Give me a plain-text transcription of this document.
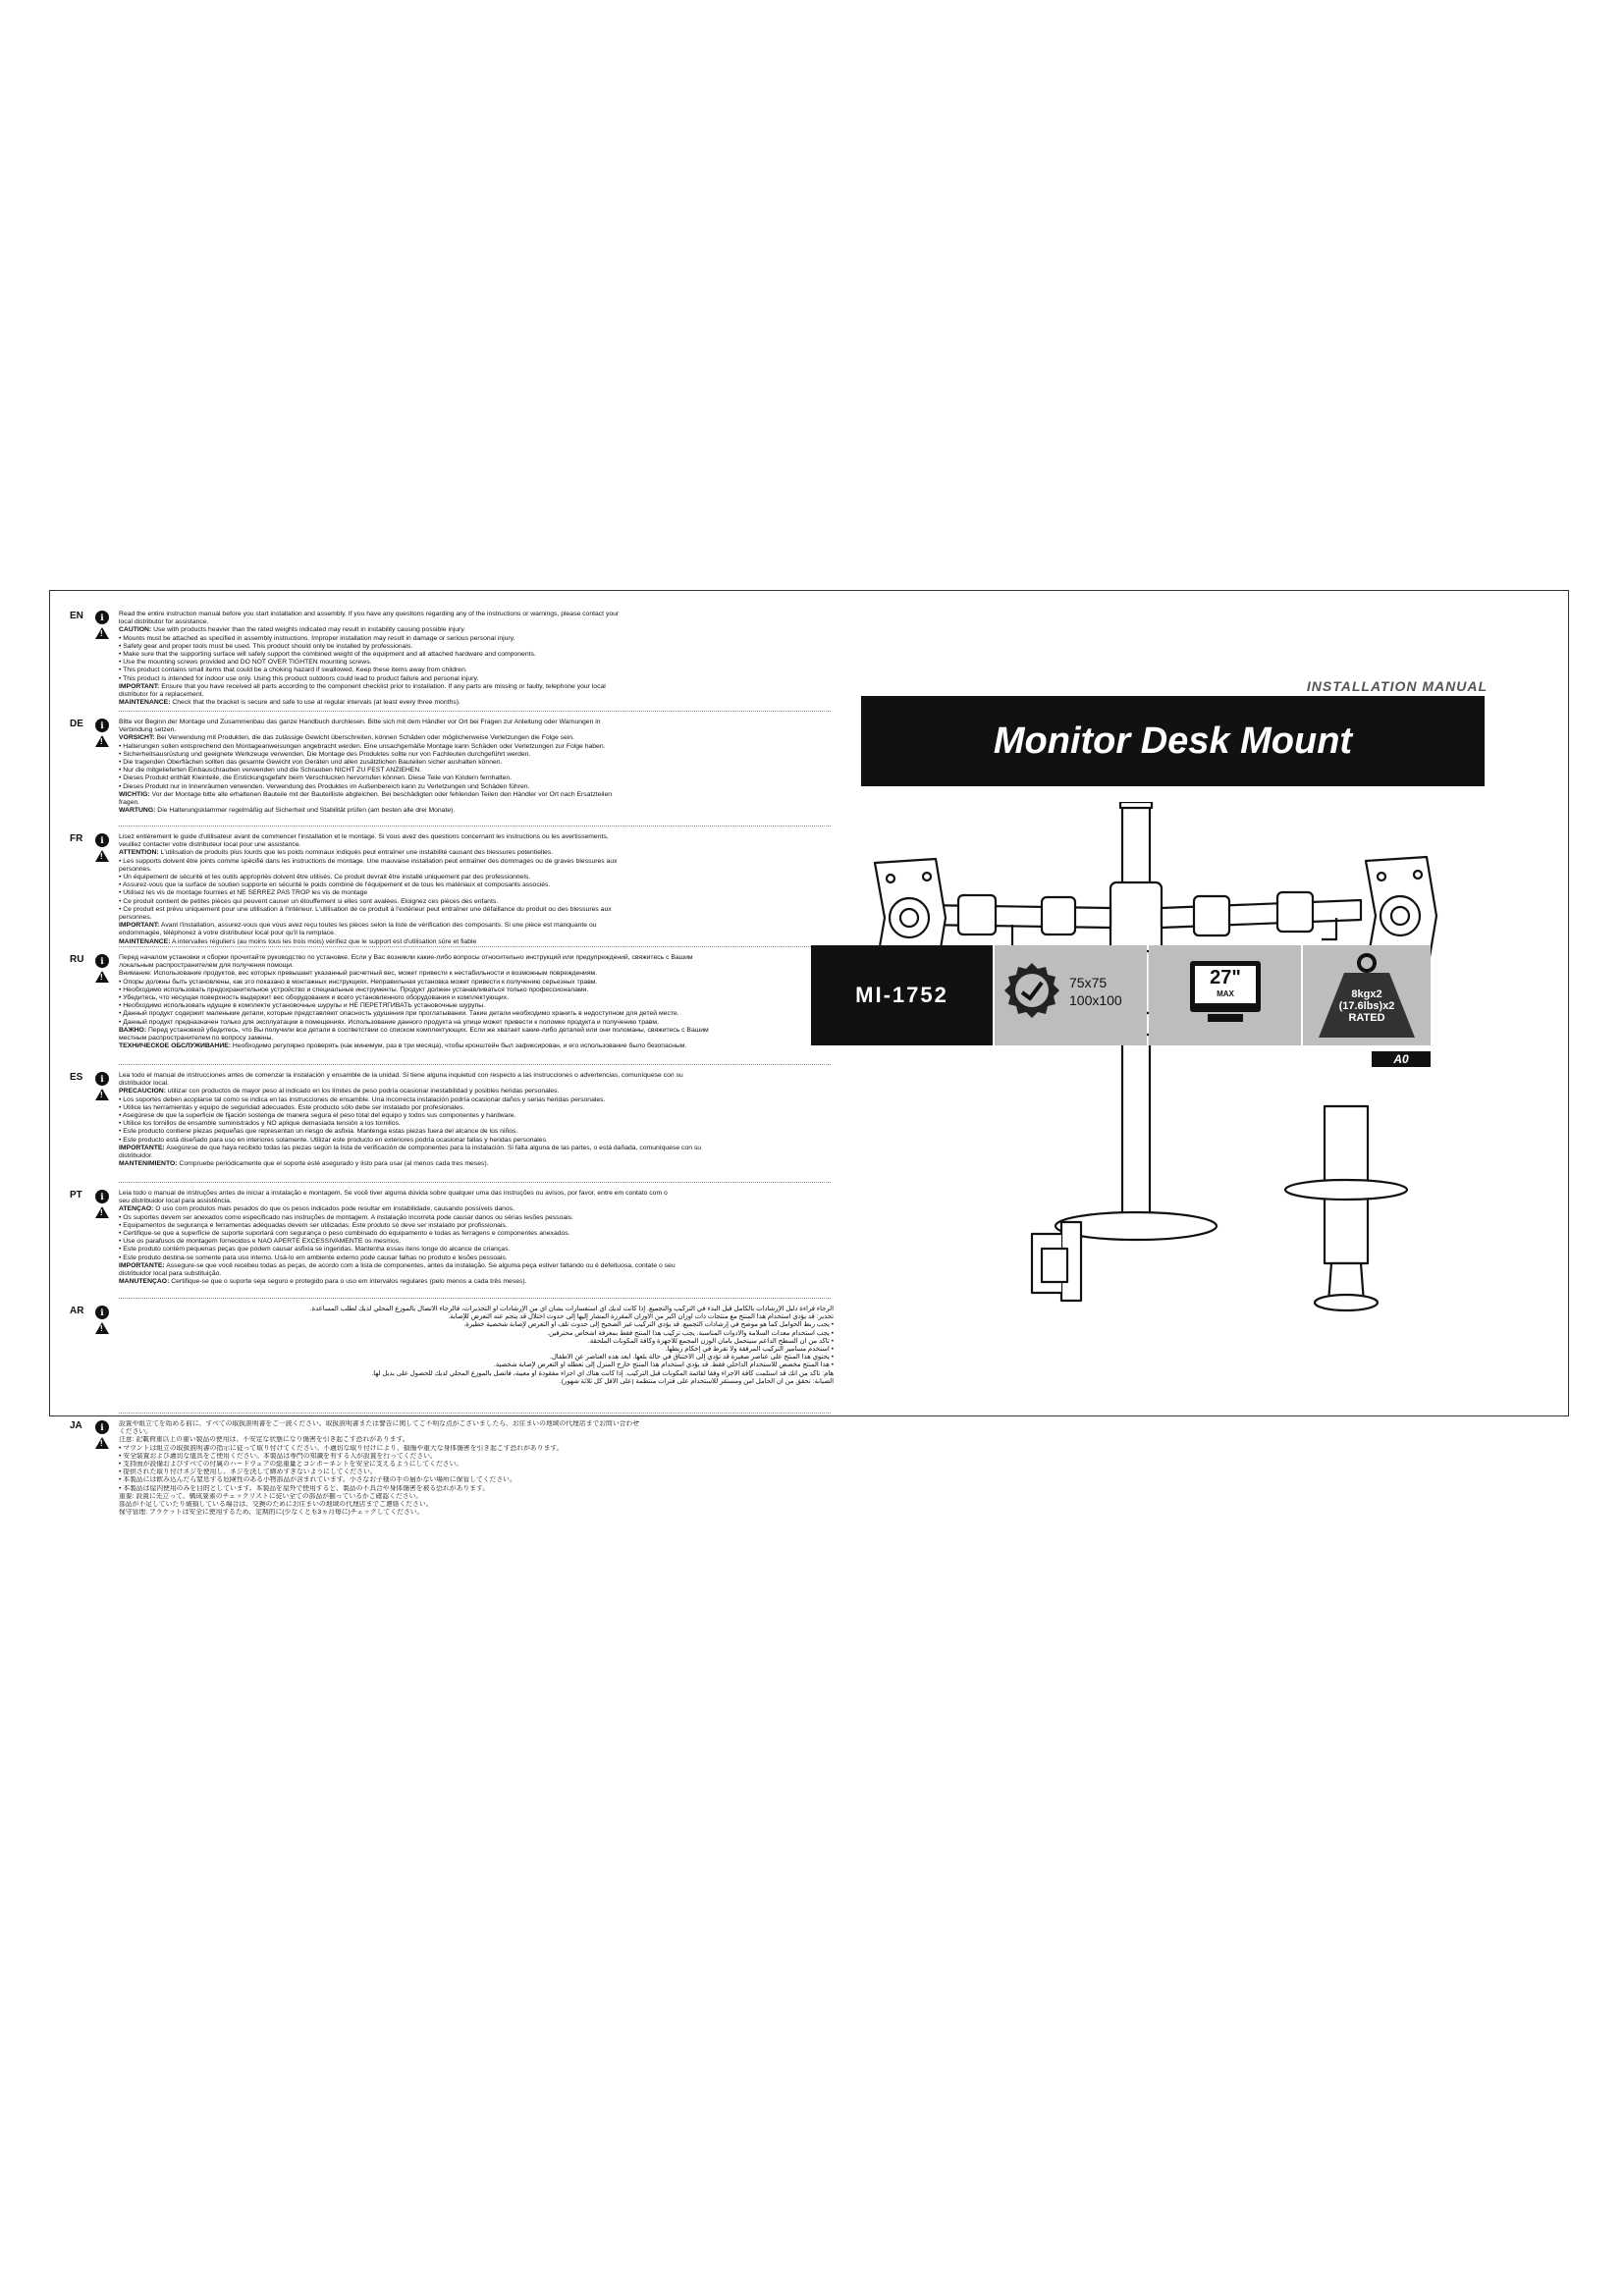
EN	ℹ
!	Read the entire instruction manual before you start installation and assembly. If you have any questions regarding any of the instructions or warnings, please contact your
local distributor for assistance.
CAUTION: Use with products heavier than the rated weights indicated may result in instability causing possible injury.
• Mounts must be attached as specified in assembly instructions. Improper installation may result in damage or serious personal injury.
• Safety gear and proper tools must be used. This product should only be installed by professionals.
• Make sure that the supporting surface will safely support the combined weight of the equipment and all attached hardware and components.
• Use the mounting screws provided and DO NOT OVER TIGHTEN mounting screws.
• This product contains small items that could be a choking hazard if swallowed. Keep these items away from children.
• This product is intended for indoor use only. Using this product outdoors could lead to product failure and personal injury.
IMPORTANT: Ensure that you have received all parts according to the component checklist prior to installation. If any parts are missing or faulty, telephone your local
distributor for a replacement.
MAINTENANCE: Check that the bracket is secure and safe to use at regular intervals (at least every three months).
DE	ℹ
!	Bitte vor Beginn der Montage und Zusammenbau das ganze Handbuch durchlesen. Bitte sich mit dem Händler vor Ort bei Fragen zur Anleitung oder Warnungen in
Verbindung setzen.
VORSICHT: Bei Verwendung mit Produkten, die das zulässige Gewicht überschreiten, können Schäden oder möglicherweise Verletzungen die Folge sein.
• Halterungen sollen entsprechend den Montageanweisungen angebracht werden. Eine unsachgemäße Montage kann Schäden oder Verletzungen zur Folge haben.
• Sicherheitsausrüstung und geeignete Werkzeuge verwenden. Die Montage des Produktes sollte nur von Fachleuten durchgeführt werden.
• Die tragenden Oberflächen sollten das gesamte Gewicht von Geräten und allen zusätzlichen Bauteilen sicher aushalten können.
• Nur die mitgelieferten Einbauschrauben verwenden und die Schrauben NICHT ZU FEST ANZIEHEN.
• Dieses Produkt enthält Kleinteile, die Erstickungsgefahr beim Verschlucken hervorrufen können. Diese Teile von Kindern fernhalten.
• Dieses Produkt nur in Innenräumen verwenden. Verwendung des Produktes im Außenbereich kann zu Verletzungen und Schäden führen.
WICHTIG: Vor der Montage bitte alle erhaltenen Bauteile mit der Bauteilliste abgleichen. Bei beschädigten oder fehlenden Teilen den Händler vor Ort nach Ersatzteilen
fragen.
WARTUNG: Die Halterungsklammer regelmäßig auf Sicherheit und Stabilität prüfen (am besten alle drei Monate).
FR	ℹ
!	Lisez entièrement le guide d'utilisateur avant de commencer l'installation et le montage. Si vous avez des questions concernant les instructions ou les avertissements,
veuillez contacter votre distributeur local pour une assistance.
ATTENTION: L'utilisation de produits plus lourds que les poids nominaux indiqués peut entraîner une instabilité causant des blessures potentielles.
• Les supports doivent être joints comme spécifié dans les instructions de montage. Une mauvaise installation peut entraîner des dommages ou de graves blessures aux
personnes.
• Un équipement de sécurité et les outils appropriés doivent être utilisés. Ce produit devrait être installé uniquement par des professionnels.
• Assurez-vous que la surface de soutien supporte en sécurité le poids combiné de l'équipement et de tous les matériaux et composants associés.
• Utilisez les vis de montage fournies et NE SERREZ PAS TROP les vis de montage
• Ce produit contient de petites pièces qui peuvent causer un étouffement si elles sont avalées. Eloignez ces pièces des enfants.
• Ce produit est prévu uniquement pour une utilisation à l'intérieur. L'utilisation de ce produit à l'extérieur peut entraîner une défaillance du produit ou des blessures aux
personnes.
IMPORTANT: Avant l'installation, assurez-vous que vous avez reçu toutes les pièces selon la liste de vérification des composants. Si une pièce est manquante ou
endommagée, téléphonez à votre distributeur local pour qu'il la remplace.
MAINTENANCE: A intervalles réguliers (au moins tous les trois mois) vérifiez que le support est d'utilisation sûre et fiable
RU	ℹ
!	Перед началом установки и сборки прочитайте руководство по установке. Если у Вас возникли какие-либо вопросы относительно инструкций или предупреждений, свяжитесь с Вашим
локальным распространителем для получения помощи.
Внимание: Использование продуктов, вес которых превышает указанный расчетный вес, может привести к нестабильности и возможным повреждениям.
• Опоры должны быть установлены, как это показано в монтажных инструкциях. Неправильная установка может привести к получению серьезных травм.
• Необходимо использовать предохранительное устройство и специальные инструменты. Продукт должен устанавливаться только профессионалами.
• Убедитесь, что несущая поверхность выдержит вес оборудования и всего установленного оборудования и комплектующих.
• Необходимо использовать идущие в комплекте установочные шурупы и НЕ ПЕРЕТЯГИВАТЬ установочные шурупы.
• Данный продукт содержит маленькие детали, которые представляют опасность удушения при проглатывании. Такие детали необходимо хранить в недоступном для детей месте.
• Данный продукт предназначен только для эксплуатации в помещениях. Использование данного продукта на улице может привести к поломке продукта и получению травм.
ВАЖНО: Перед установкой убедитесь, что Вы получили все детали в соответствии со списком комплектующих. Если же хватает какие-либо деталей или они поломаны, свяжитесь с Вашим
местным распространителем по вопросу замены.
ТЕХНИЧЕСКОЕ ОБСЛУЖИВАНИЕ: Необходимо регулярно проверять (как минимум, раз в три месяца), чтобы кронштейн был зафиксирован, и его использование было безопасным.
ES	ℹ
!	Lea todo el manual de instrucciones antes de comenzar la instalación y ensamble de la unidad. Si tiene alguna inquietud con respecto a las instrucciones o advertencias, comuníquese con su
distribuidor local.
PRECAUCIÓN: utilizar con productos de mayor peso al indicado en los límites de peso podría ocasionar inestabilidad y posibles heridas personales.
• Los soportes deben acoplarse tal como se indica en las instrucciones de ensamble. Una incorrecta instalación podría ocasionar daños y serias heridas personales.
• Utilice las herramientas y equipo de seguridad adecuados. Este producto sólo debe ser instalado por profesionales.
• Asegúrese de que la superficie de fijación sostenga de manera segura el peso total del equipo y todos sus componentes y hardware.
• Utilice los tornillos de ensamble suministrados y NO aplique demasiada tensión a los tornillos.
• Este producto contiene piezas pequeñas que representan un riesgo de asfixia. Mantenga estas piezas fuera del alcance de los niños.
• Este producto está diseñado para uso en interiores solamente. Utilizar este producto en exteriores podría ocasionar fallas y heridas personales.
IMPORTANTE: Asegúrese de que haya recibido todas las piezas según la lista de verificación de componentes para la instalación. Si falta alguna de las partes, o está dañada, comuníquese con su
distribuidor.
MANTENIMIENTO: Compruebe periódicamente que el soporte esté asegurado y listo para usar (al menos cada tres meses).
PT	ℹ
!	Leia todo o manual de instruções antes de iniciar a instalação e montagem. Se você tiver alguma dúvida sobre qualquer uma das instruções ou avisos, por favor, entre em contato com o
seu distribuidor local para assistência.
ATENÇÃO: O uso com produtos mais pesados do que os pesos indicados pode resultar em instabilidade, causando possíveis danos.
• Os suportes devem ser anexados como especificado nas instruções de montagem. A instalação incorreta pode causar danos ou sérias lesões pessoais.
• Equipamentos de segurança e ferramentas adequadas devem ser utilizadas. Este produto só deve ser instalado por profissionais.
• Certifique-se que a superfície de suporte suportará com segurança o peso combinado do equipamento e todas as ferragens e componentes anexados.
• Use os parafusos de montagem fornecidos e NÃO APERTE EXCESSIVAMENTE os mesmos.
• Este produto contém pequenas peças que podem causar asfixia se ingeridas. Mantenha essas itens longe do alcance de crianças.
• Este produto destina-se somente para uso interno. Usá-lo em ambiente externo pode causar falhas no produto e lesões pessoais.
IMPORTANTE: Assegure-se que você recebeu todas as peças, de acordo com a lista de componentes, antes da instalação. Se alguma peça estiver faltando ou é defeituosa, contate o seu
distribuidor local para substituição.
MANUTENÇÃO: Certifique-se que o suporte seja seguro e protegido para o uso em intervalos regulares (pelo menos a cada três meses).
AR	ℹ
!	الرجاء قراءة دليل الإرشادات بالكامل قبل البدء في التركيب والتجميع. إذا كانت لديك أي استفسارات بشأن أي من الإرشادات أو التحذيرات، فالرجاء الاتصال بالموزع المحلي لديك لطلب المساعدة.
تحذير: قد يؤدي استخدام هذا المنتج مع منتجات ذات أوزان أكبر من الأوزان المقررة المشار إليها إلى حدوث اختلال قد ينجم عنه التعرض للإصابة.
• يجب ربط الحوامل كما هو موضح في إرشادات التجميع. قد يؤدي التركيب غير الصحيح إلى حدوث تلف أو التعرض لإصابة شخصية خطيرة.
• يجب استخدام معدات السلامة والأدوات المناسبة. يجب تركيب هذا المنتج فقط بمعرفة أشخاص محترفين.
• تأكد من أن السطح الداعم سيتحمل بأمان الوزن المجمع للأجهزة وكافة المكونات الملحقة.
• استخدم مسامير التركيب المرفقة ولا تفرط في إحكام ربطها.
• يحتوي هذا المنتج على عناصر صغيرة قد تؤدي إلى الاختناق في حالة بلعها. أبعد هذه العناصر عن الأطفال.
• هذا المنتج مخصص للاستخدام الداخلي فقط. قد يؤدي استخدام هذا المنتج خارج المنزل إلى تعطله أو التعرض لإصابة شخصية.
هام: تأكد من أنك قد استلمت كافة الأجزاء وفقاً لقائمة المكونات قبل التركيب. إذا كانت هناك أي أجزاء مفقودة أو معيبة، فاتصل بالموزع المحلي لديك للحصول على بديل لها.
الصيانة: تحقق من أن الحامل آمن ومستقر للاستخدام على فترات منتظمة (على الأقل كل ثلاثة شهور).
JA	ℹ
!	設置や組立てを始める前に、すべての取扱説明書をご一読ください。取扱説明書または警告に関してご不明な点がございましたら、お住まいの地域の代理店までお問い合わせ
ください。
注意: 記載荷重以上の重い製品の使用は、不安定な状態になり傷害を引き起こす恐れがあります。
• マウントは組立の取扱説明書の指示に従って取り付けてください。不適切な取り付けにより、損傷や重大な身体傷害を引き起こす恐れがあります。
• 安全装置および適切な道具をご使用ください。本製品は専門の知識を有する人が設置を行ってください。
• 支持面が設備およびすべての付属のハードウェアの総重量とコンポーネントを安全に支えるようにしてください。
• 提供された取り付けネジを使用し、ネジを決して締めすぎないようにしてください。
• 本製品には飲み込んだら窒息する危険性のある小物部品が含まれています。小さなお子様の手の届かない場所に保管してください。
• 本製品は屋内使用のみを目的としています。本製品を屋外で使用すると、製品の不具合や身体傷害を被る恐れがあります。
重要: 設置に先立って、構成要素のチェックリストに従い全ての部品が揃っているかご確認ください。
部品が不足していたり破損している場合は、交換のためにお住まいの地域の代理店までご連絡ください。
保守管理: ブラケットは安全に使用するため、定期的に(少なくとも3ヵ月毎に)チェックしてください。
INSTALLATION MANUAL
Monitor Desk Mount
MI-1752	75x75
100x100
27"
MAX	8kgx2
(17.6lbs)x2
RATED
A0
